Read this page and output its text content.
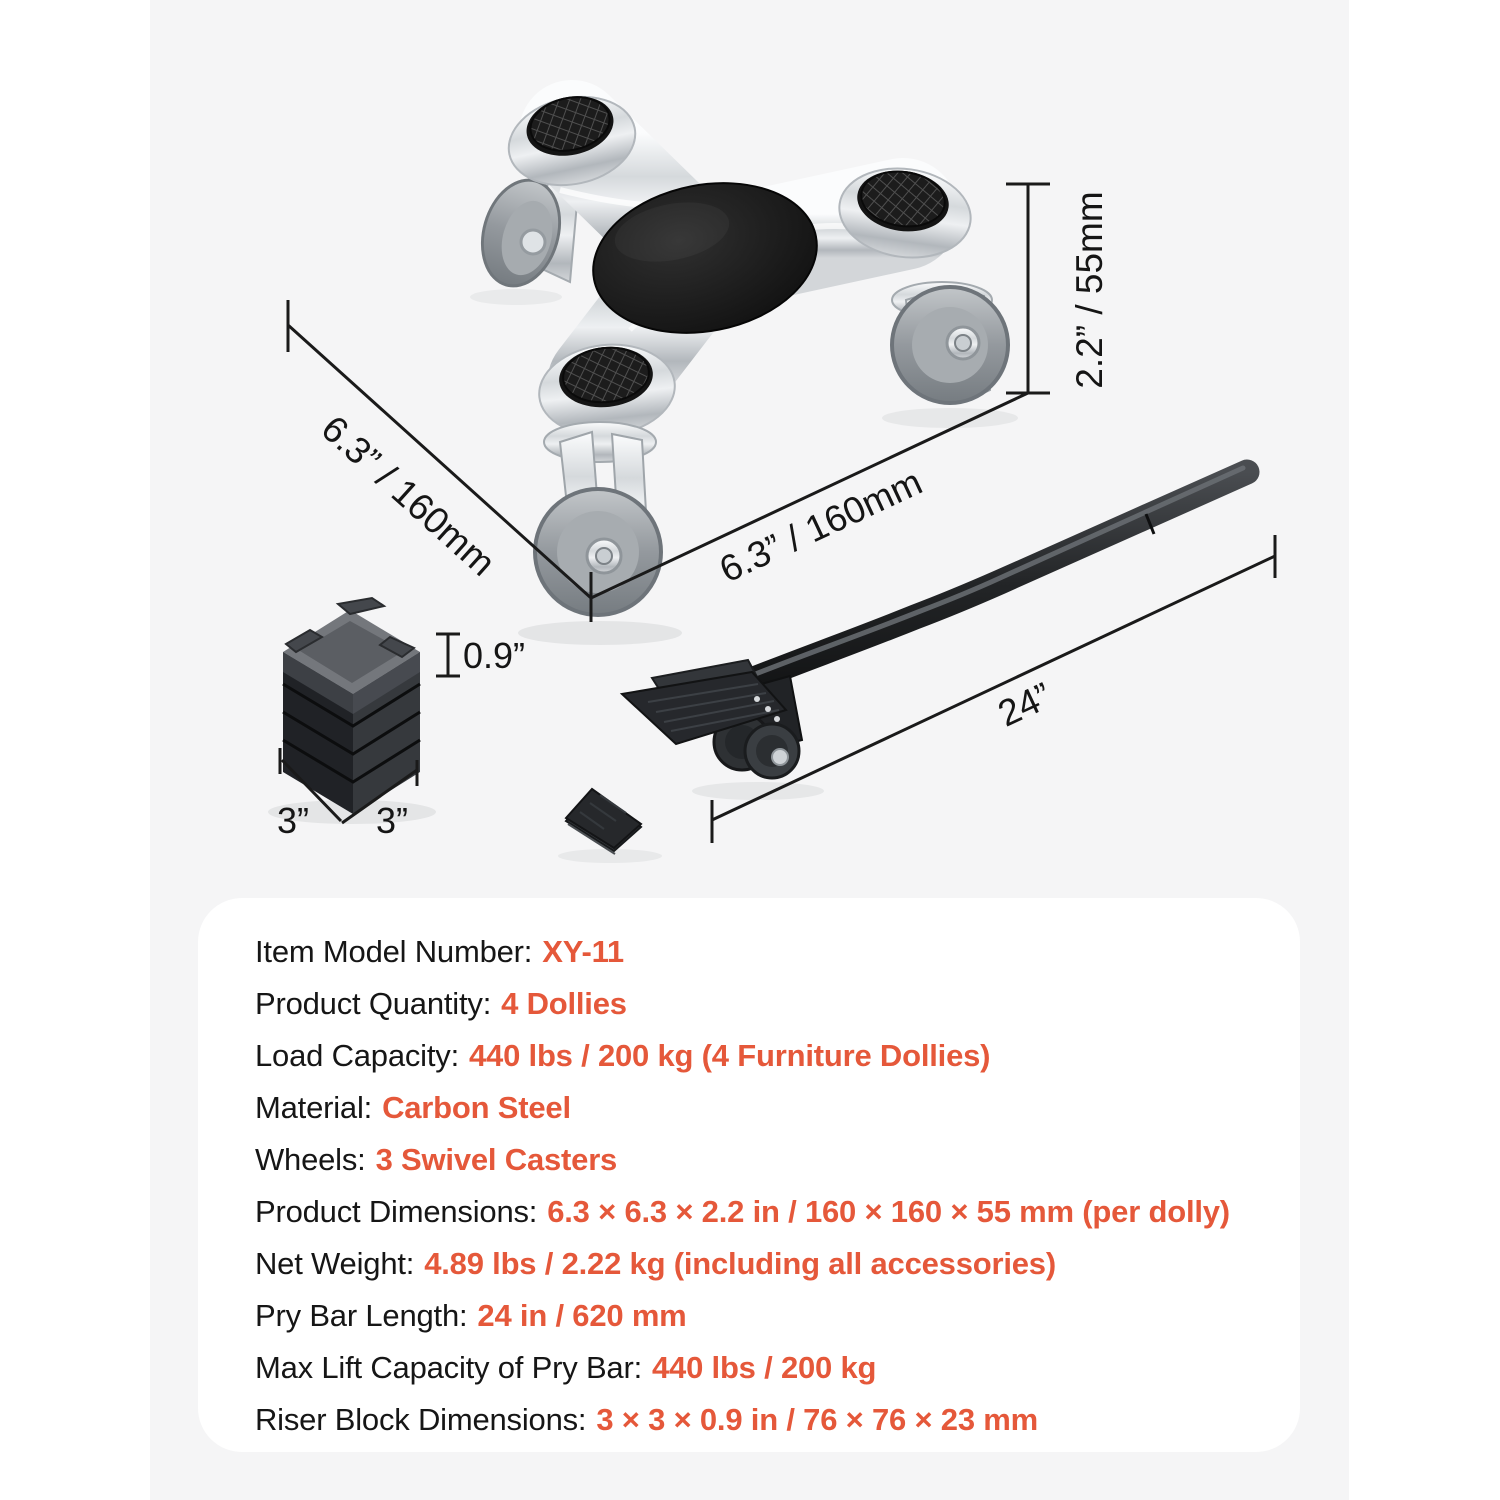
6.3” / 160mm	6.3” / 160mm
2.2” / 55mm
24”
0.9”
3” 3”
Item Model Number: XY-11
Product Quantity: 4 Dollies
Load Capacity: 440 lbs / 200 kg (4 Furniture Dollies)
Material: Carbon Steel
Wheels: 3 Swivel Casters
Product Dimensions: 6.3 × 6.3 × 2.2 in / 160 × 160 × 55 mm (per dolly)
Net Weight: 4.89 lbs / 2.22 kg (including all accessories)
Pry Bar Length: 24 in / 620 mm
Max Lift Capacity of Pry Bar: 440 lbs / 200 kg
Riser Block Dimensions: 3 × 3 × 0.9 in / 76 × 76 × 23 mm
